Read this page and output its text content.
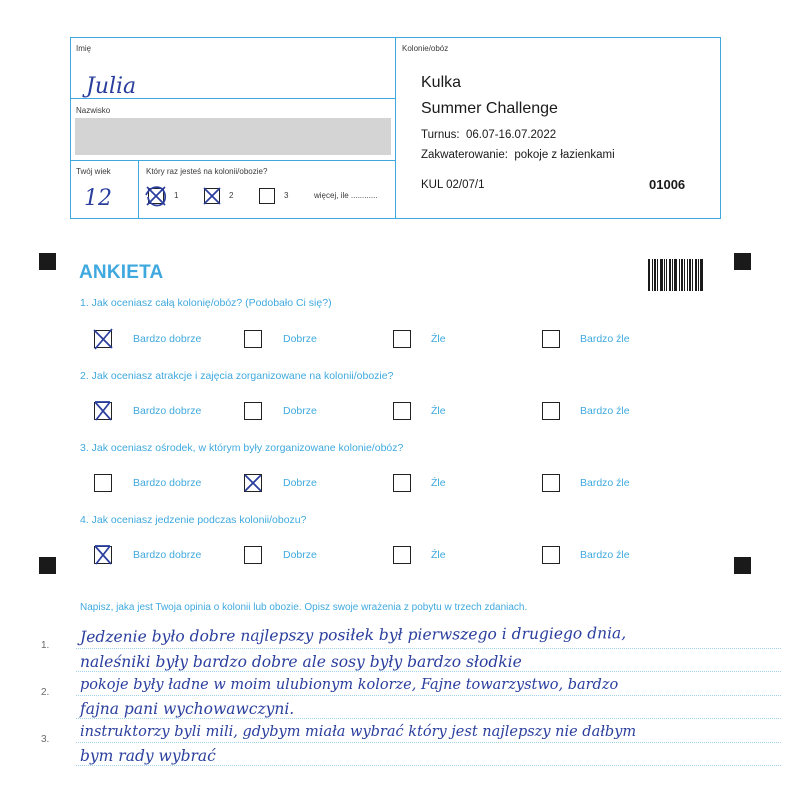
Imię
Julia
Nazwisko
Twój wiek
12
Który raz jesteś na kolonii/obozie?
1	2	3	więcej, ile ............
Kolonie/obóz
Kulka
Summer Challenge
Turnus: 06.07-16.07.2022
Zakwaterowanie: pokoje z łazienkami
KUL 02/07/1	01006
ANKIETA
1. Jak oceniasz całą kolonię/obóz? (Podobało Ci się?)
Bardzo dobrze	Dobrze	Źle	Bardzo źle
2. Jak oceniasz atrakcje i zajęcia zorganizowane na kolonii/obozie?
Bardzo dobrze	Dobrze	Źle	Bardzo źle
3. Jak oceniasz ośrodek, w którym były zorganizowane kolonie/obóz?
Bardzo dobrze	Dobrze	Źle	Bardzo źle
4. Jak oceniasz jedzenie podczas kolonii/obozu?
Bardzo dobrze	Dobrze	Źle	Bardzo źle
Napisz, jaka jest Twoja opinia o kolonii lub obozie. Opisz swoje wrażenia z pobytu w trzech zdaniach.
1.
2.
3.
Jedzenie było dobre najlepszy posiłek był pierwszego i drugiego dnia,
naleśniki były bardzo dobre ale sosy były bardzo słodkie
pokoje były ładne w moim ulubionym kolorze, Fajne towarzystwo, bardzo
fajna pani wychowawczyni.
instruktorzy byli mili, gdybym miała wybrać który jest najlepszy nie dałbym
bym rady wybrać
